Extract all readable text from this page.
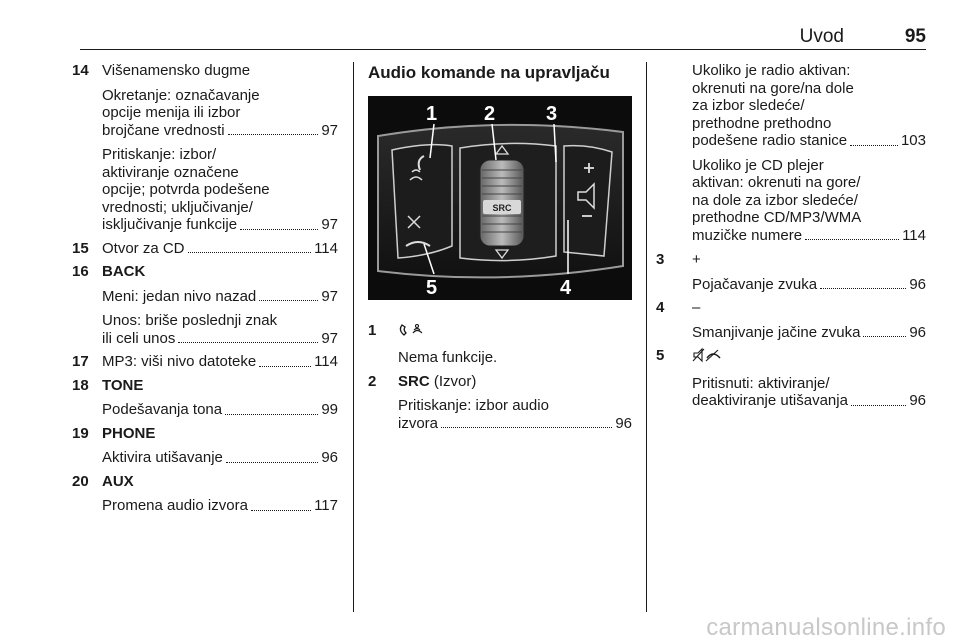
Uvod	95
14 Višenamensko dugme
Okretanje: označavanje
opcije menija ili izbor
brojčane vrednosti	97
Pritiskanje: izbor/
aktiviranje označene
opcije; potvrda podešene
vrednosti; uključivanje/
isključivanje funkcije	97
15 Otvor za CD	114
16 BACK
Meni: jedan nivo nazad	97
Unos: briše poslednji znak
ili celi unos	97
17 MP3: viši nivo datoteke	114
18 TONE
Podešavanja tona	99
19 PHONE
Aktivira utišavanje	96
20 AUX
Promena audio izvora	117
Audio komande na upravljaču
SRC
1 2	3
4
5
1
Nema funkcije.
2 SRC (Izvor)
Pritiskanje: izbor audio
izvora	96
Ukoliko je radio aktivan:
okrenuti na gore/na dole
za izbor sledeće/
prethodne prethodno
podešene radio stanice	103
Ukoliko je CD plejer
aktivan: okrenuti na gore/
na dole za izbor sledeće/
prethodne CD/MP3/WMA
muzičke numere	114
3 +
Pojačavanje zvuka	96
4 –
Smanjivanje jačine zvuka	96
5
Pritisnuti: aktiviranje/
deaktiviranje utišavanja	96
carmanualsonline.info
